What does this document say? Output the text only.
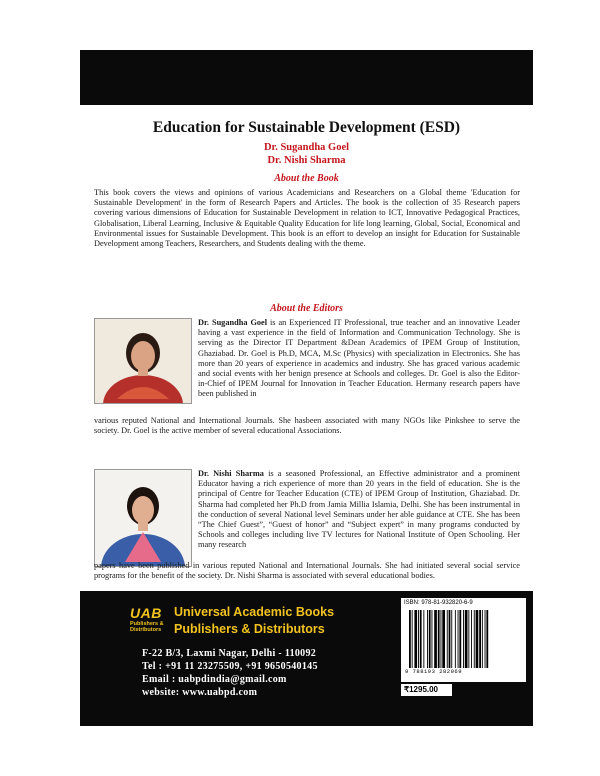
Education for Sustainable Development (ESD)
Dr. Sugandha Goel
Dr. Nishi Sharma
About the Book

This book covers the views and opinions of various Academicians and Researchers on a Global theme 'Education for Sustainable Development' in the form of Research Papers and Articles. The book is the collection of 35 Research papers covering various dimensions of Education for Sustainable Development in relation to ICT, Innovative Pedagogical Practices, Globalisation, Liberal Learning, Inclusive & Equitable Quality Education for life long learning, Global, Social, Economical and Environmental issues for Sustainable Development. This book is an effort to develop an insight for Education for Sustainable Development among Teachers, Researchers, and Students dealing with the theme.

About the Editors

Dr. Sugandha Goel is an Experienced IT Professional, true teacher and an innovative Leader having a vast experience in the field of Information and Communication Technology. She is serving as the Director IT Department &Dean Academics of IPEM Group of Institution, Ghaziabad. Dr. Goel is Ph.D, MCA, M.Sc (Physics) with specialization in Electronics. She has more than 20 years of experience in academics and industry. She has graced various academic and social events with her benign presence at Schools and colleges. Dr. Goel is also the Editor-in-Chief of IPEM Journal for Innovation in Teacher Education. Hermany research papers have been published in

various reputed National and International Journals. She hasbeen associated with many NGOs like Pinkshee to serve the society. Dr. Goel is the active member of several educational Associations.

Dr. Nishi Sharma is a seasoned Professional, an Effective administrator and a prominent Educator having a rich experience of more than 20 years in the field of education. She is the principal of Centre for Teacher Education (CTE) of IPEM Group of Institution, Ghaziabad. Dr. Sharma had completed her Ph.D from Jamia Millia Islamia, Delhi. She has been instrumental in the conduction of several National level Seminars under her able guidance at CTE. She has been “The Chief Guest”, “Guest of honor” and “Subject expert” in many programs conducted by Schools and colleges including live TV lectures for National Institute of Open Schooling. Her many research

papers have been published in various reputed National and International Journals. She had initiated several social service programs for the benefit of the society. Dr. Nishi Sharma is associated with several educational bodies.

UAB
Publishers &
Distributors
Universal Academic Books
Publishers & Distributors
F-22 B/3, Laxmi Nagar, Delhi - 110092
Tel : +91 11 23275509, +91 9650540145
Email : uabpdindia@gmail.com
website: www.uabpd.com
ISBN: 978-81-932820-6-9
9 788193 282069
₹1295.00
